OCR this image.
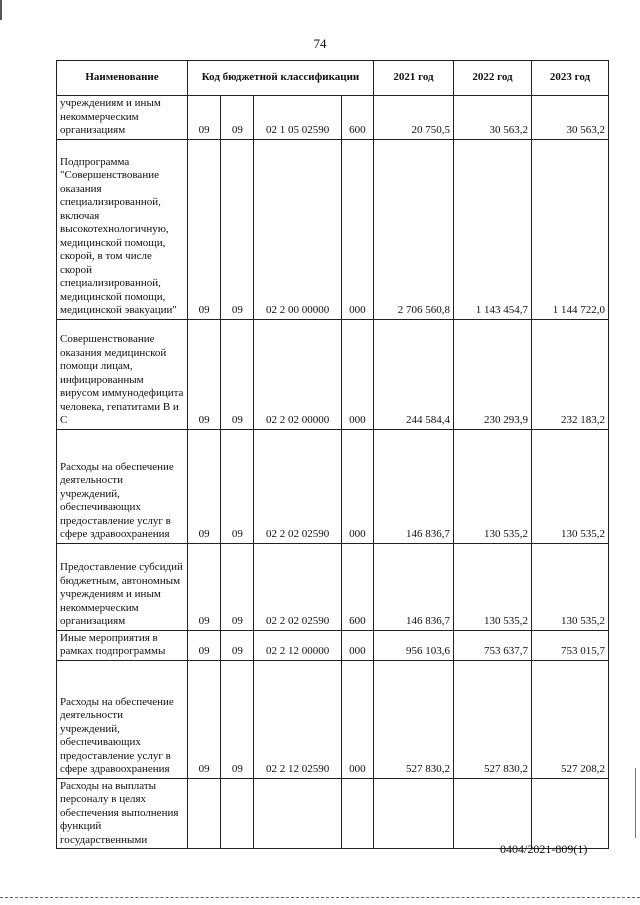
74
Наименование	Код бюджетной классификации				2021 год	2022 год	2023 год
учреждениям и иным некоммерческим организациям	09	09	02 1 05 02590	600	20 750,5	30 563,2	30 563,2
Подпрограмма "Совершенствование оказания специализированной, включая высокотехнологичную, медицинской помощи, скорой, в том числе скорой специализированной, медицинской помощи, медицинской эвакуации"	09	09	02 2 00 00000	000	2 706 560,8	1 143 454,7	1 144 722,0
Совершенствование оказания медицинской помощи лицам, инфицированным вирусом иммунодефицита человека, гепатитами B и C	09	09	02 2 02 00000	000	244 584,4	230 293,9	232 183,2
Расходы на обеспечение деятельности учреждений, обеспечивающих предоставление услуг в сфере здравоохранения	09	09	02 2 02 02590	000	146 836,7	130 535,2	130 535,2
Предоставление субсидий бюджетным, автономным учреждениям и иным некоммерческим организациям	09	09	02 2 02 02590	600	146 836,7	130 535,2	130 535,2
Иные мероприятия в рамках подпрограммы	09	09	02 2 12 00000	000	956 103,6	753 637,7	753 015,7
Расходы на обеспечение деятельности учреждений, обеспечивающих предоставление услуг в сфере здравоохранения	09	09	02 2 12 02590	000	527 830,2	527 830,2	527 208,2
Расходы на выплаты персоналу в целях обеспечения выполнения функций государственными							
0404/2021-809(1)
